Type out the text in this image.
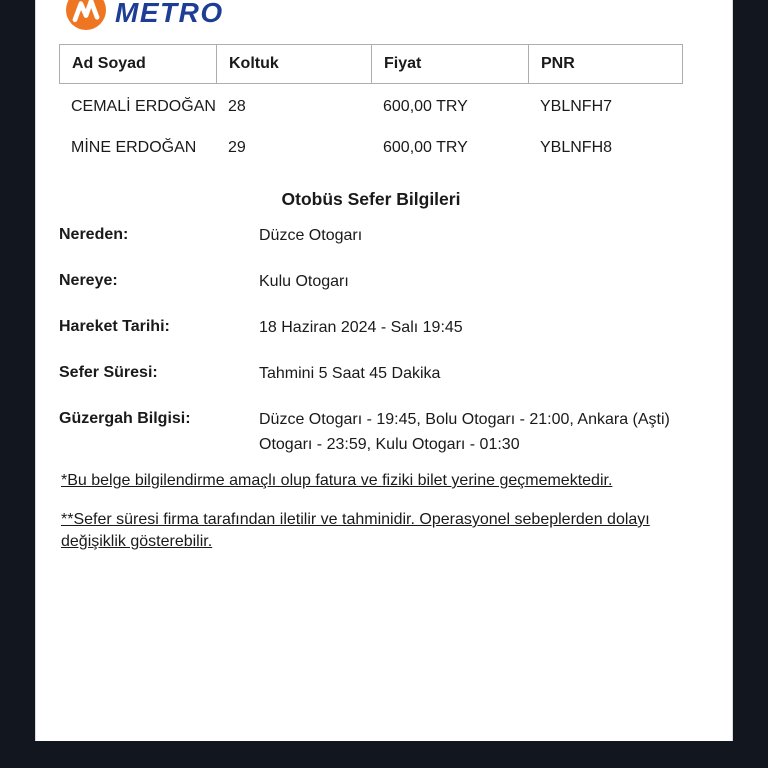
METRO
Ad Soyad	Koltuk	Fiyat	PNR
CEMALİ ERDOĞAN 28	600,00 TRY	YBLNFH7
MİNE ERDOĞAN	29	600,00 TRY	YBLNFH8
Otobüs Sefer Bilgileri
Nereden:	Düzce Otogarı
Nereye:	Kulu Otogarı
Hareket Tarihi:	18 Haziran 2024 - Salı 19:45
Sefer Süresi:	Tahmini 5 Saat 45 Dakika
Güzergah Bilgisi:	Düzce Otogarı - 19:45, Bolu Otogarı - 21:00, Ankara (Aşti) Otogarı - 23:59, Kulu Otogarı - 01:30

*Bu belge bilgilendirme amaçlı olup fatura ve fiziki bilet yerine geçmemektedir.

**Sefer süresi firma tarafından iletilir ve tahminidir. Operasyonel sebeplerden dolayı değişiklik gösterebilir.
